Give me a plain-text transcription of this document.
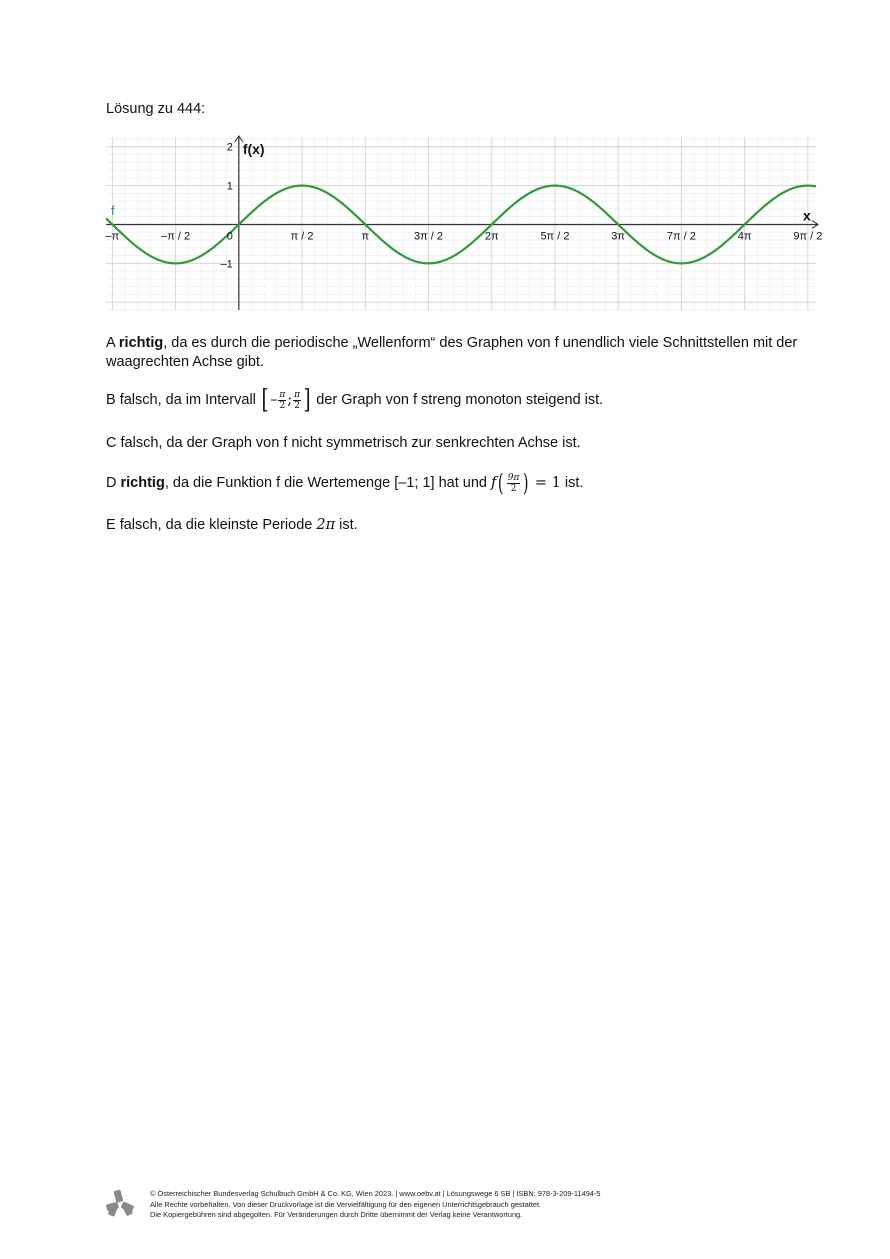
Lösung zu 444:
–π	–π / 2	0	π / 2	π	3π / 2	2π	5π / 2	3π	7π / 2	4π	9π / 2
2
1
–1
x
f(x)
f
A richtig, da es durch die periodische „Wellenform“ des Graphen von f unendlich viele Schnittstellen mit der waagrechten Achse gibt.
B falsch, da im Intervall [ – $\frac{\pi}{2}$ ; $\frac{\pi}{2}$ ] der Graph von f streng monoton steigend ist.
C falsch, da der Graph von f nicht symmetrisch zur senkrechten Achse ist.
D richtig, da die Funktion f die Wertemenge [–1; 1] hat und $f( \frac{9\pi}{2}$ ) = 1 ist.
E falsch, da die kleinste Periode 2π ist.
© Österreichischer Bundesverlag Schulbuch GmbH & Co. KG, Wien 2023. | www.oebv.at | Lösungswege 6 SB | ISBN: 978-3-209-11494-5
Alle Rechte vorbehalten. Von dieser Druckvorlage ist die Vervielfältigung für den eigenen Unterrichtsgebrauch gestattet.
Die Kopiergebühren sind abgegolten. Für Veränderungen durch Dritte übernimmt der Verlag keine Verantwortung.
